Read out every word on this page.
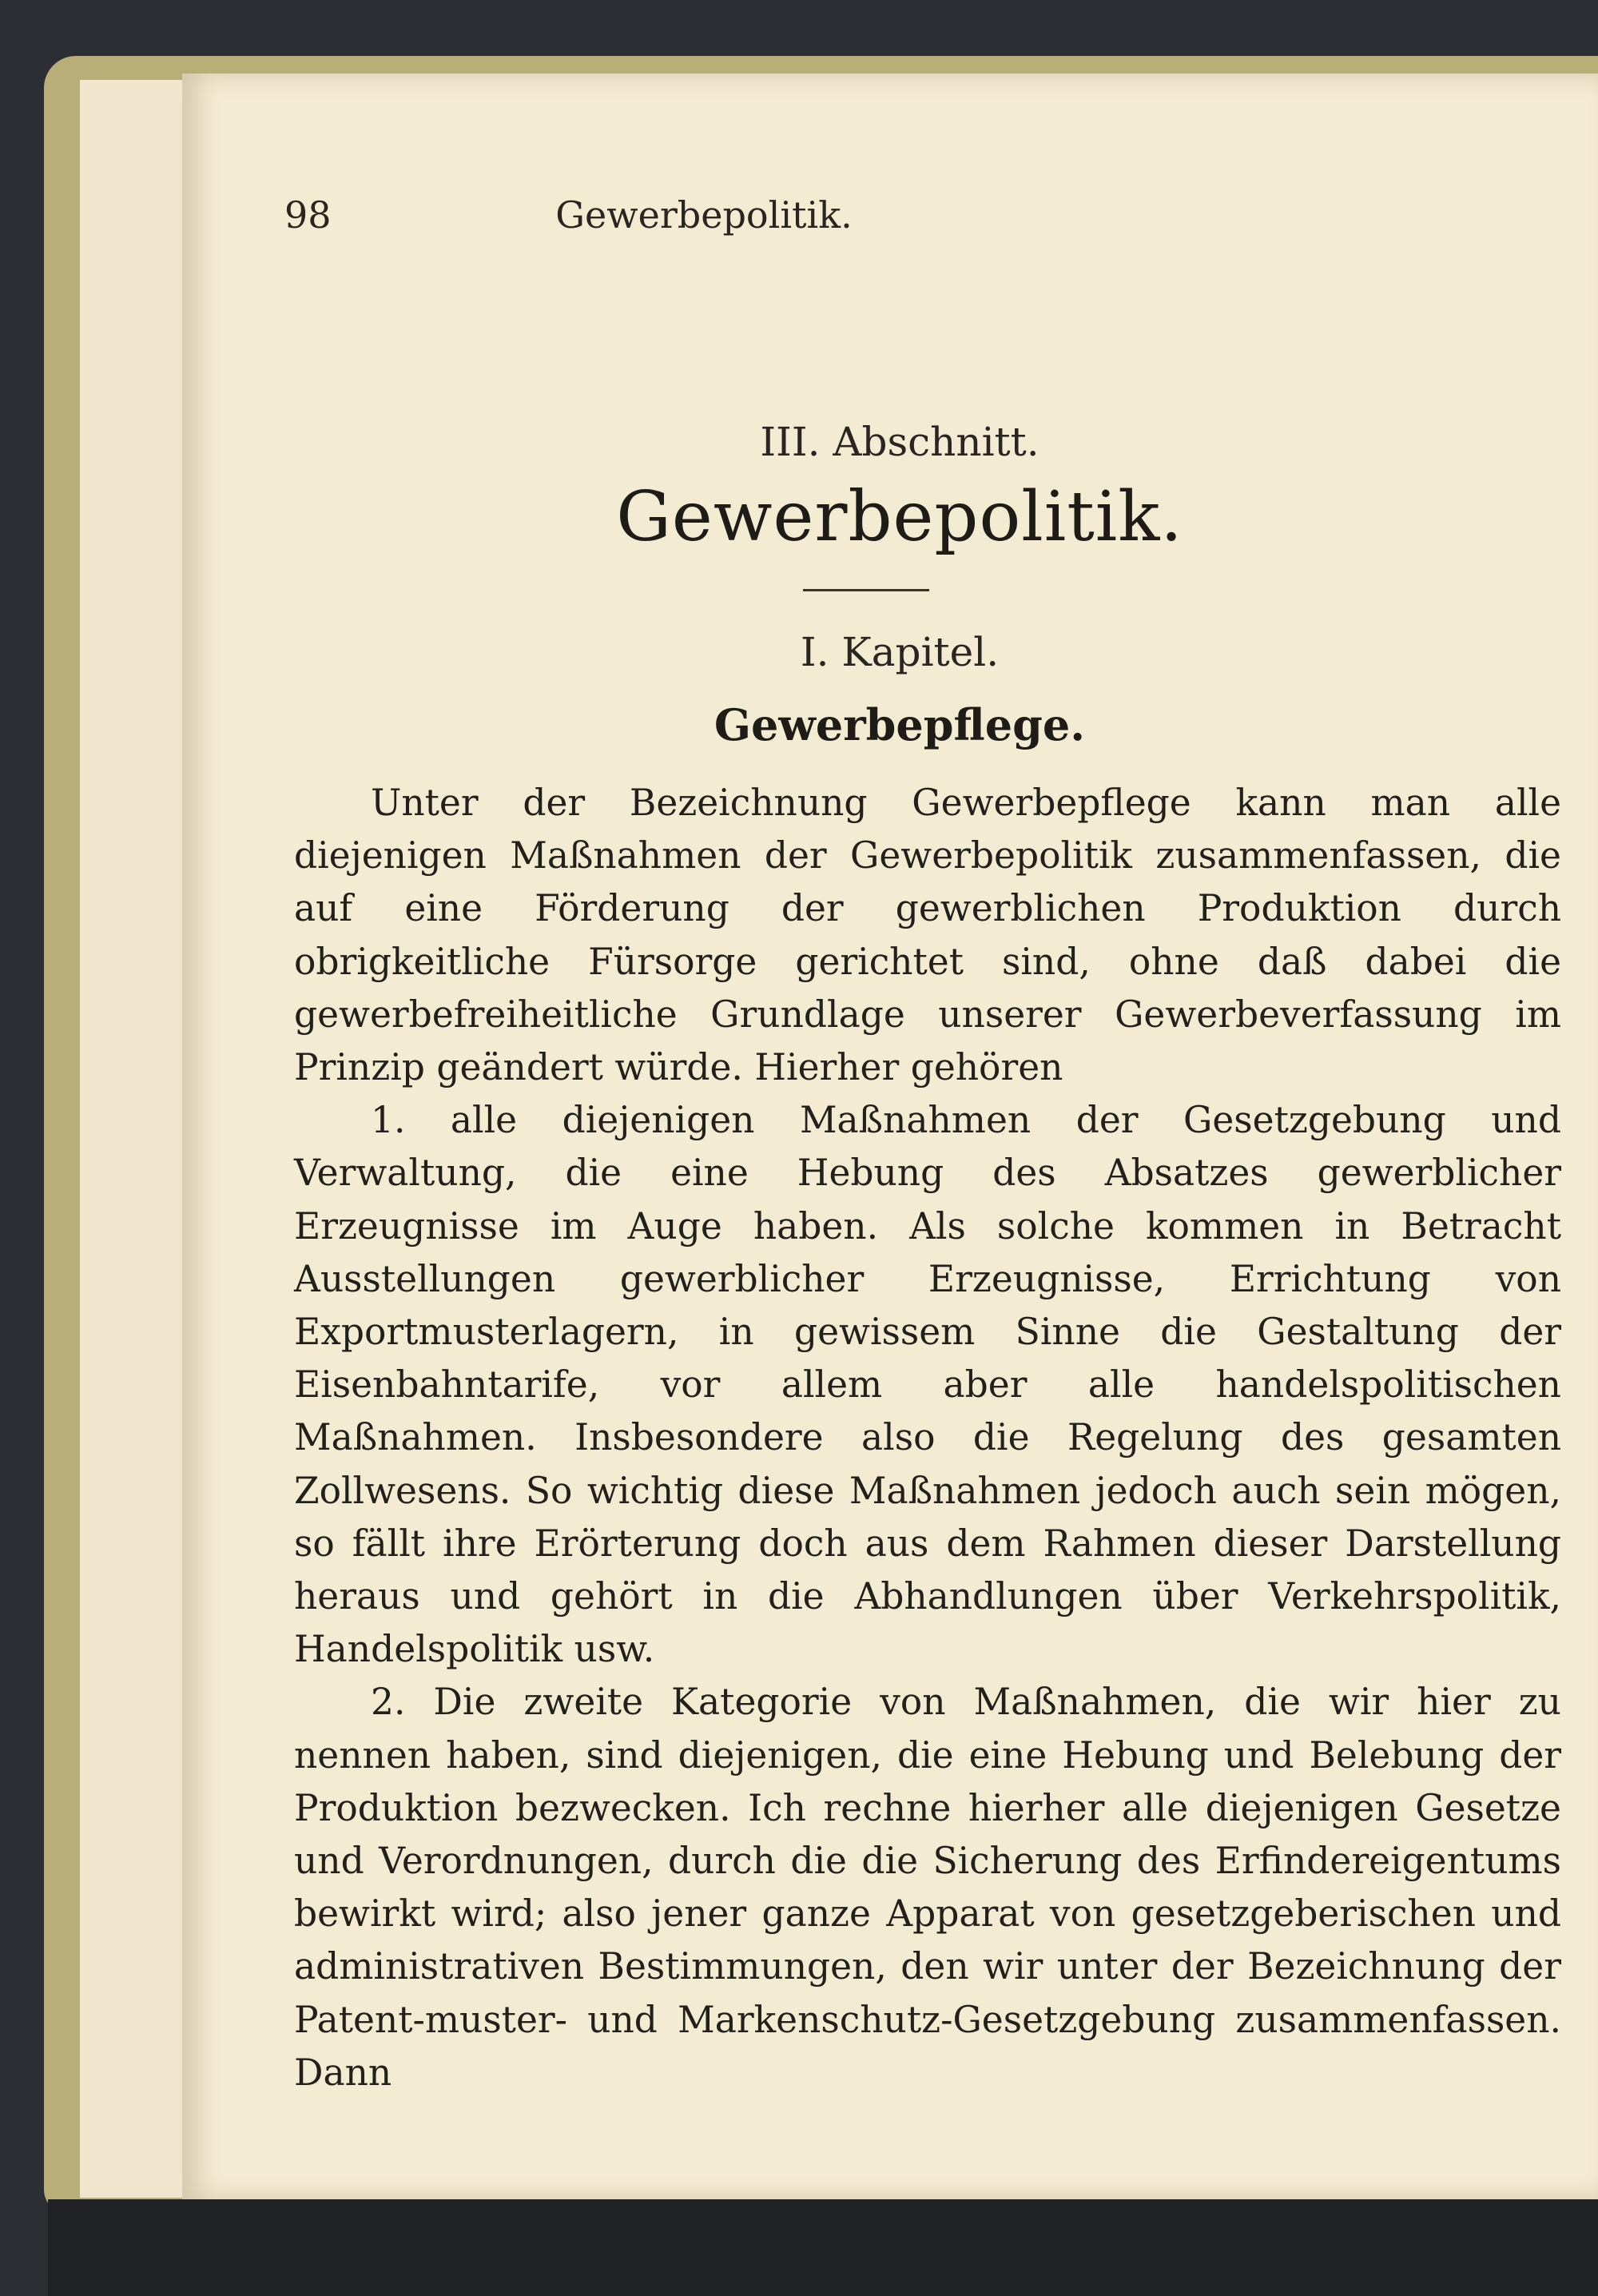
98	Gewerbepolitik.
III. Abschnitt.
Gewerbepolitik.
I. Kapitel.
Gewerbepflege.

Unter der Bezeichnung Gewerbepflege kann man alle diejenigen Maßnahmen der Gewerbepolitik zusammenfassen, die auf eine Förderung der gewerblichen Produktion durch obrigkeitliche Fürsorge gerichtet sind, ohne daß dabei die gewerbefreiheitliche Grundlage unserer Gewerbeverfassung im Prinzip geändert würde. Hierher gehören

1. alle diejenigen Maßnahmen der Gesetzgebung und Verwaltung, die eine Hebung des Absatzes gewerblicher Erzeugnisse im Auge haben. Als solche kommen in Betracht Ausstellungen gewerblicher Erzeugnisse, Errichtung von Exportmusterlagern, in gewissem Sinne die Gestaltung der Eisenbahntarife, vor allem aber alle handelspolitischen Maßnahmen. Insbesondere also die Regelung des gesamten Zollwesens. So wichtig diese Maßnahmen jedoch auch sein mögen, so fällt ihre Erörterung doch aus dem Rahmen dieser Darstellung heraus und gehört in die Abhandlungen über Verkehrspolitik, Handelspolitik usw.

2. Die zweite Kategorie von Maßnahmen, die wir hier zu nennen haben, sind diejenigen, die eine Hebung und Belebung der Produktion bezwecken. Ich rechne hierher alle diejenigen Gesetze und Verordnungen, durch die die Sicherung des Erfindereigentums bewirkt wird; also jener ganze Apparat von gesetzgeberischen und administrativen Bestimmungen, den wir unter der Bezeichnung der Patent-muster- und Markenschutz-Gesetzgebung zusammenfassen. Dann
